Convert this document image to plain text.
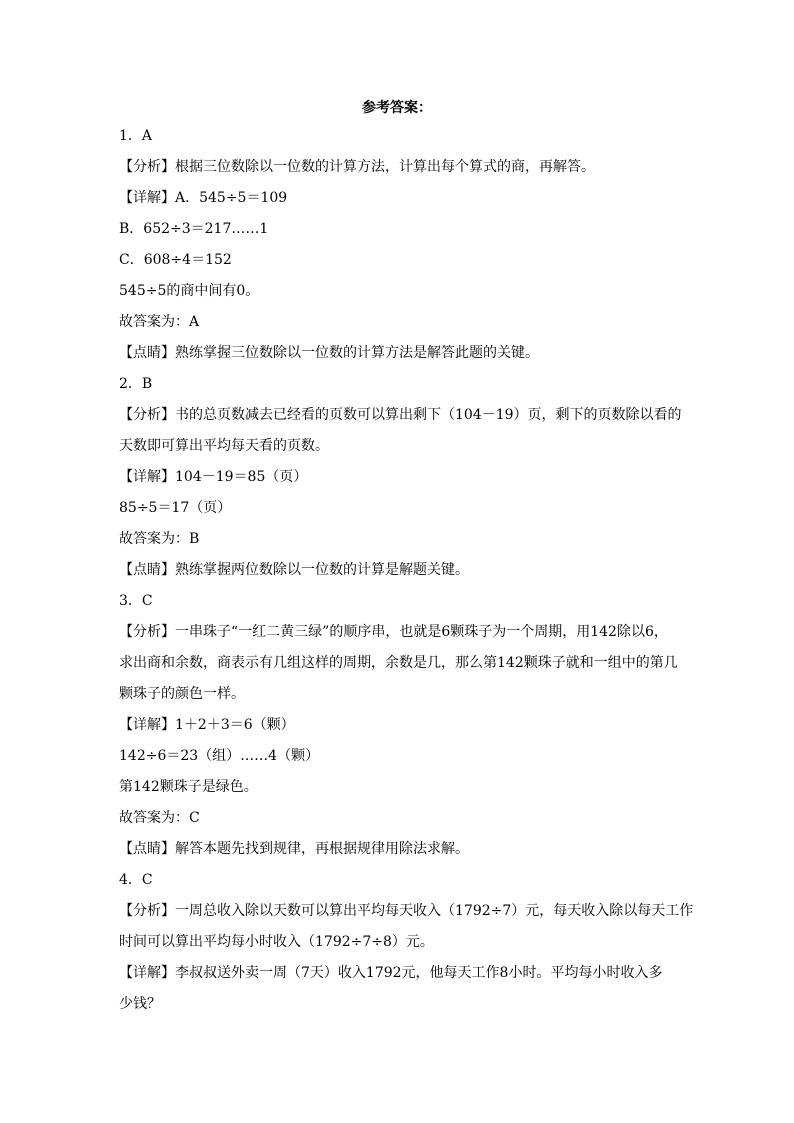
参考答案：
1．A
【分析】根据三位数除以一位数的计算方法，计算出每个算式的商，再解答。
【详解】A．545÷5＝109
B．652÷3＝217……1
C．608÷4＝152
545÷5的商中间有0。
故答案为：A
【点睛】熟练掌握三位数除以一位数的计算方法是解答此题的关键。
2．B
【分析】书的总页数减去已经看的页数可以算出剩下（104－19）页，剩下的页数除以看的
天数即可算出平均每天看的页数。
【详解】104－19＝85（页）
85÷5＝17（页）
故答案为：B
【点睛】熟练掌握两位数除以一位数的计算是解题关键。
3．C
【分析】一串珠子“一红二黄三绿”的顺序串，也就是6颗珠子为一个周期，用142除以6，
求出商和余数，商表示有几组这样的周期，余数是几，那么第142颗珠子就和一组中的第几
颗珠子的颜色一样。
【详解】1＋2＋3＝6（颗）
142÷6＝23（组）……4（颗）
第142颗珠子是绿色。
故答案为：C
【点睛】解答本题先找到规律，再根据规律用除法求解。
4．C
【分析】一周总收入除以天数可以算出平均每天收入（1792÷7）元，每天收入除以每天工作
时间可以算出平均每小时收入（1792÷7÷8）元。
【详解】李叔叔送外卖一周（7天）收入1792元，他每天工作8小时。平均每小时收入多
少钱？
